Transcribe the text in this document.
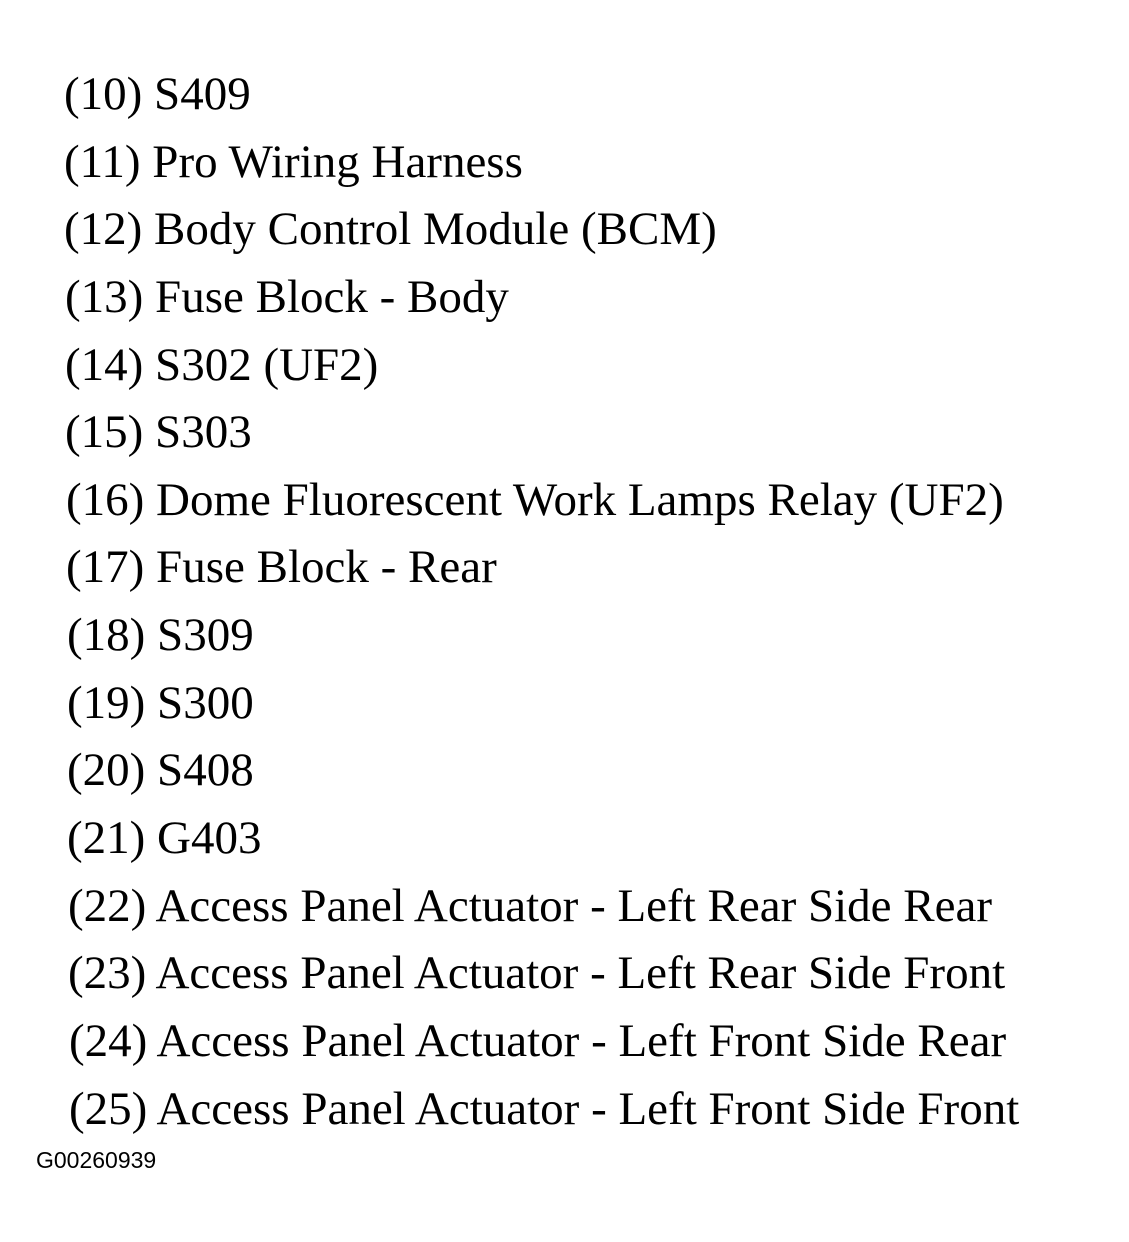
(10) S409
(11) Pro Wiring Harness
(12) Body Control Module (BCM)
(13) Fuse Block - Body
(14) S302 (UF2)
(15) S303
(16) Dome Fluorescent Work Lamps Relay (UF2)
(17) Fuse Block - Rear
(18) S309
(19) S300
(20) S408
(21) G403
(22) Access Panel Actuator - Left Rear Side Rear
(23) Access Panel Actuator - Left Rear Side Front
(24) Access Panel Actuator - Left Front Side Rear
(25) Access Panel Actuator - Left Front Side Front
G00260939
